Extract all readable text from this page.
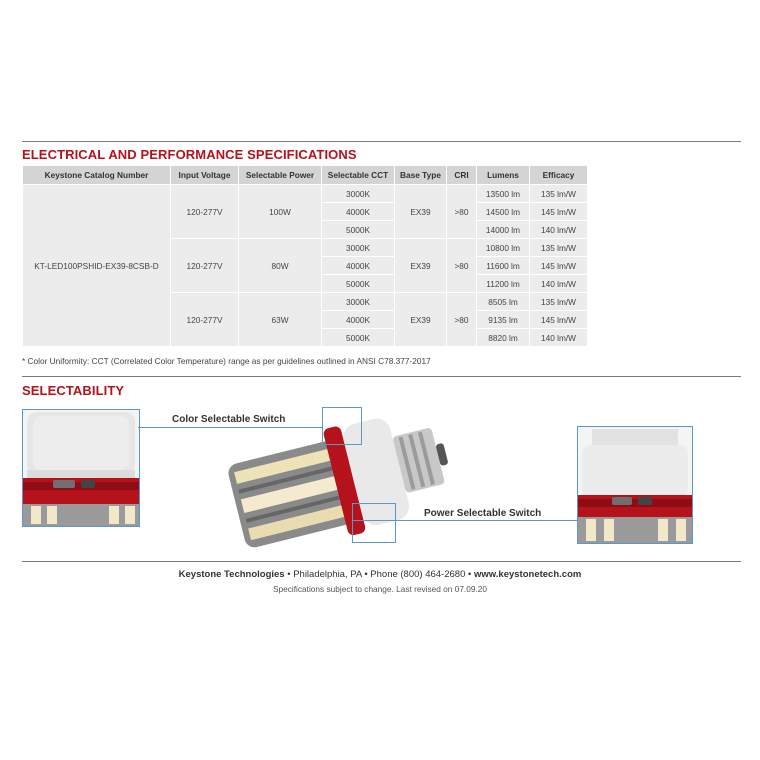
ELECTRICAL AND PERFORMANCE SPECIFICATIONS
Keystone Catalog Number	Input Voltage	Selectable Power	Selectable CCT	Base Type	CRI	Lumens	Efficacy
KT-LED100PSHID-EX39-8CSB-D	120-277V	100W	3000K	EX39	>80	13500 lm	135 lm/W
			4000K			14500 lm	145 lm/W
			5000K			14000 lm	140 lm/W
	120-277V	80W	3000K	EX39	>80	10800 lm	135 lm/W
			4000K			11600 lm	145 lm/W
			5000K			11200 lm	140 lm/W
	120-277V	63W	3000K	EX39	>80	8505 lm	135 lm/W
			4000K			9135 lm	145 lm/W
			5000K			8820 lm	140 lm/W
* Color Uniformity: CCT (Correlated Color Temperature) range as per guidelines outlined in ANSI C78.377-2017
SELECTABILITY
Color Selectable Switch
Power Selectable Switch
Keystone Technologies • Philadelphia, PA • Phone (800) 464-2680 • www.keystonetech.com
Specifications subject to change. Last revised on 07.09.20
